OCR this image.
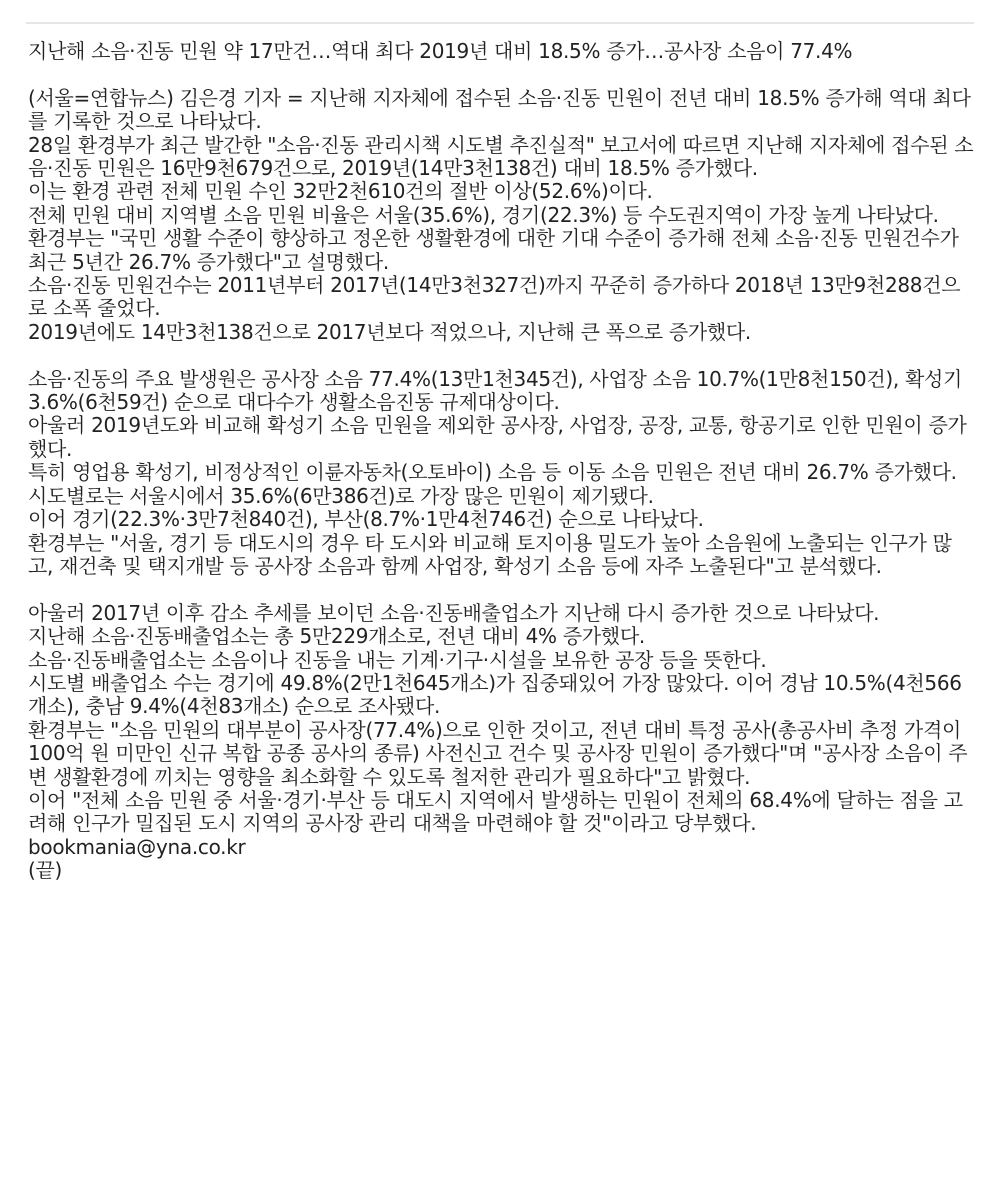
지난해 소음·진동 민원 약 17만건…역대 최다 2019년 대비 18.5% 증가…공사장 소음이 77.4%

(서울=연합뉴스) 김은경 기자 = 지난해 지자체에 접수된 소음·진동 민원이 전년 대비 18.5% 증가해 역대 최다를 기록한 것으로 나타났다.

28일 환경부가 최근 발간한 "소음·진동 관리시책 시도별 추진실적" 보고서에 따르면 지난해 지자체에 접수된 소음·진동 민원은 16만9천679건으로, 2019년(14만3천138건) 대비 18.5% 증가했다.

이는 환경 관련 전체 민원 수인 32만2천610건의 절반 이상(52.6%)이다.

전체 민원 대비 지역별 소음 민원 비율은 서울(35.6%), 경기(22.3%) 등 수도권지역이 가장 높게 나타났다.

환경부는 "국민 생활 수준이 향상하고 정온한 생활환경에 대한 기대 수준이 증가해 전체 소음·진동 민원건수가 최근 5년간 26.7% 증가했다"고 설명했다.

소음·진동 민원건수는 2011년부터 2017년(14만3천327건)까지 꾸준히 증가하다 2018년 13만9천288건으로 소폭 줄었다.

2019년에도 14만3천138건으로 2017년보다 적었으나, 지난해 큰 폭으로 증가했다.

소음·진동의 주요 발생원은 공사장 소음 77.4%(13만1천345건), 사업장 소음 10.7%(1만8천150건), 확성기 3.6%(6천59건) 순으로 대다수가 생활소음진동 규제대상이다.

아울러 2019년도와 비교해 확성기 소음 민원을 제외한 공사장, 사업장, 공장, 교통, 항공기로 인한 민원이 증가했다.

특히 영업용 확성기, 비정상적인 이륜자동차(오토바이) 소음 등 이동 소음 민원은 전년 대비 26.7% 증가했다.

시도별로는 서울시에서 35.6%(6만386건)로 가장 많은 민원이 제기됐다.

이어 경기(22.3%·3만7천840건), 부산(8.7%·1만4천746건) 순으로 나타났다.

환경부는 "서울, 경기 등 대도시의 경우 타 도시와 비교해 토지이용 밀도가 높아 소음원에 노출되는 인구가 많고, 재건축 및 택지개발 등 공사장 소음과 함께 사업장, 확성기 소음 등에 자주 노출된다"고 분석했다.

아울러 2017년 이후 감소 추세를 보이던 소음·진동배출업소가 지난해 다시 증가한 것으로 나타났다.

지난해 소음·진동배출업소는 총 5만229개소로, 전년 대비 4% 증가했다.

소음·진동배출업소는 소음이나 진동을 내는 기계·기구·시설을 보유한 공장 등을 뜻한다.

시도별 배출업소 수는 경기에 49.8%(2만1천645개소)가 집중돼있어 가장 많았다. 이어 경남 10.5%(4천566개소), 충남 9.4%(4천83개소) 순으로 조사됐다.

환경부는 "소음 민원의 대부분이 공사장(77.4%)으로 인한 것이고, 전년 대비 특정 공사(총공사비 추정 가격이 100억 원 미만인 신규 복합 공종 공사의 종류) 사전신고 건수 및 공사장 민원이 증가했다"며 "공사장 소음이 주변 생활환경에 끼치는 영향을 최소화할 수 있도록 철저한 관리가 필요하다"고 밝혔다.

이어 "전체 소음 민원 중 서울·경기·부산 등 대도시 지역에서 발생하는 민원이 전체의 68.4%에 달하는 점을 고려해 인구가 밀집된 도시 지역의 공사장 관리 대책을 마련해야 할 것"이라고 당부했다.

bookmania@yna.co.kr

(끝)
